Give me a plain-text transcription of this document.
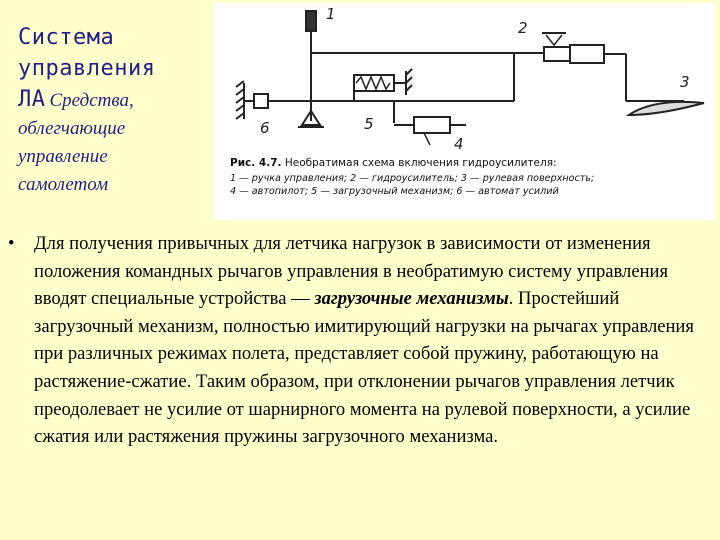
Система
управления
ЛА Средства,
облегчающие
управление
самолетом
1
2
3
4
5
6
Рис. 4.7. Необратимая схема включения гидроусилителя:
1 — ручка управления; 2 — гидроусилитель; 3 — рулевая поверхность;
4 — автопилот; 5 — загрузочный механизм; 6 — автомат усилий
•	Для получения привычных для летчика нагрузок в зависимости от изменения положения командных рычагов управления в необратимую систему управления вводят специальные устройства — загрузочные механизмы. Простейший загрузочный механизм, полностью имитирующий нагрузки на рычагах управления при различных режимах полета, представляет собой пружину, работающую на растяжение-сжатие. Таким образом, при отклонении рычагов управления летчик преодолевает не усилие от шарнирного момента на рулевой поверхности, а усилие сжатия или растяжения пружины загрузочного механизма.
